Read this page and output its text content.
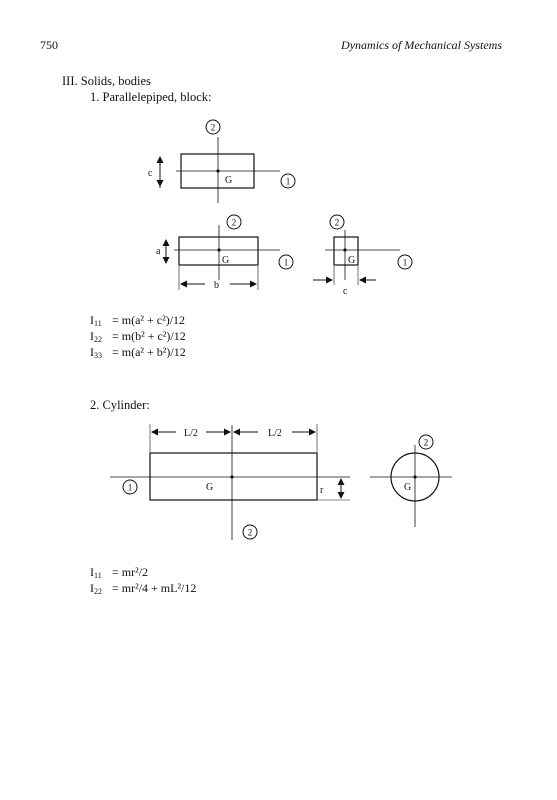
750	Dynamics of Mechanical Systems
III. Solids, bodies
1. Parallelepiped, block:
2
1
G
c
2
1
G
a
b
2
1
G
c
L/2	L/2
1
2
G	r
2
G
$I_{11} = m(a^2 + c^2)/12$
$I_{22} = m(b^2 + c^2)/12$
$I_{33} = m(a^2 + b^2)/12$
2. Cylinder:
$I_{11} = mr^2/2$
$I_{22} = mr^2/4 + mL^2/12$
